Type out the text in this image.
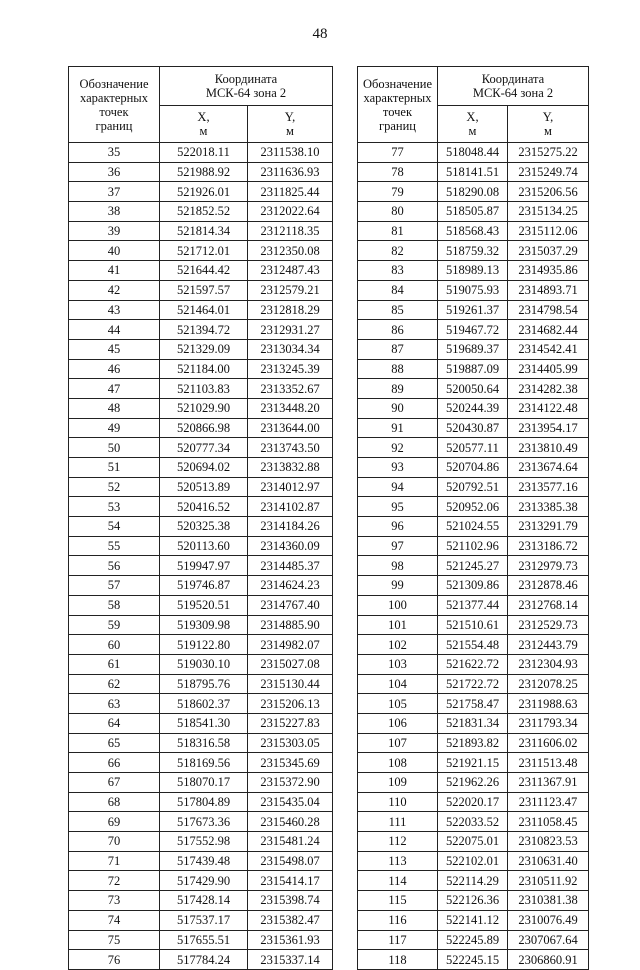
48
Обозначение
характерных
точек
границ	Координата
МСК-64 зона 2	
	X,
м	Y,
м
35	522018.11	2311538.10
36	521988.92	2311636.93
37	521926.01	2311825.44
38	521852.52	2312022.64
39	521814.34	2312118.35
40	521712.01	2312350.08
41	521644.42	2312487.43
42	521597.57	2312579.21
43	521464.01	2312818.29
44	521394.72	2312931.27
45	521329.09	2313034.34
46	521184.00	2313245.39
47	521103.83	2313352.67
48	521029.90	2313448.20
49	520866.98	2313644.00
50	520777.34	2313743.50
51	520694.02	2313832.88
52	520513.89	2314012.97
53	520416.52	2314102.87
54	520325.38	2314184.26
55	520113.60	2314360.09
56	519947.97	2314485.37
57	519746.87	2314624.23
58	519520.51	2314767.40
59	519309.98	2314885.90
60	519122.80	2314982.07
61	519030.10	2315027.08
62	518795.76	2315130.44
63	518602.37	2315206.13
64	518541.30	2315227.83
65	518316.58	2315303.05
66	518169.56	2315345.69
67	518070.17	2315372.90
68	517804.89	2315435.04
69	517673.36	2315460.28
70	517552.98	2315481.24
71	517439.48	2315498.07
72	517429.90	2315414.17
73	517428.14	2315398.74
74	517537.17	2315382.47
75	517655.51	2315361.93
76	517784.24	2315337.14
Обозначение
характерных
точек
границ	Координата
МСК-64 зона 2	
	X,
м	Y,
м
77	518048.44	2315275.22
78	518141.51	2315249.74
79	518290.08	2315206.56
80	518505.87	2315134.25
81	518568.43	2315112.06
82	518759.32	2315037.29
83	518989.13	2314935.86
84	519075.93	2314893.71
85	519261.37	2314798.54
86	519467.72	2314682.44
87	519689.37	2314542.41
88	519887.09	2314405.99
89	520050.64	2314282.38
90	520244.39	2314122.48
91	520430.87	2313954.17
92	520577.11	2313810.49
93	520704.86	2313674.64
94	520792.51	2313577.16
95	520952.06	2313385.38
96	521024.55	2313291.79
97	521102.96	2313186.72
98	521245.27	2312979.73
99	521309.86	2312878.46
100	521377.44	2312768.14
101	521510.61	2312529.73
102	521554.48	2312443.79
103	521622.72	2312304.93
104	521722.72	2312078.25
105	521758.47	2311988.63
106	521831.34	2311793.34
107	521893.82	2311606.02
108	521921.15	2311513.48
109	521962.26	2311367.91
110	522020.17	2311123.47
111	522033.52	2311058.45
112	522075.01	2310823.53
113	522102.01	2310631.40
114	522114.29	2310511.92
115	522126.36	2310381.38
116	522141.12	2310076.49
117	522245.89	2307067.64
118	522245.15	2306860.91
